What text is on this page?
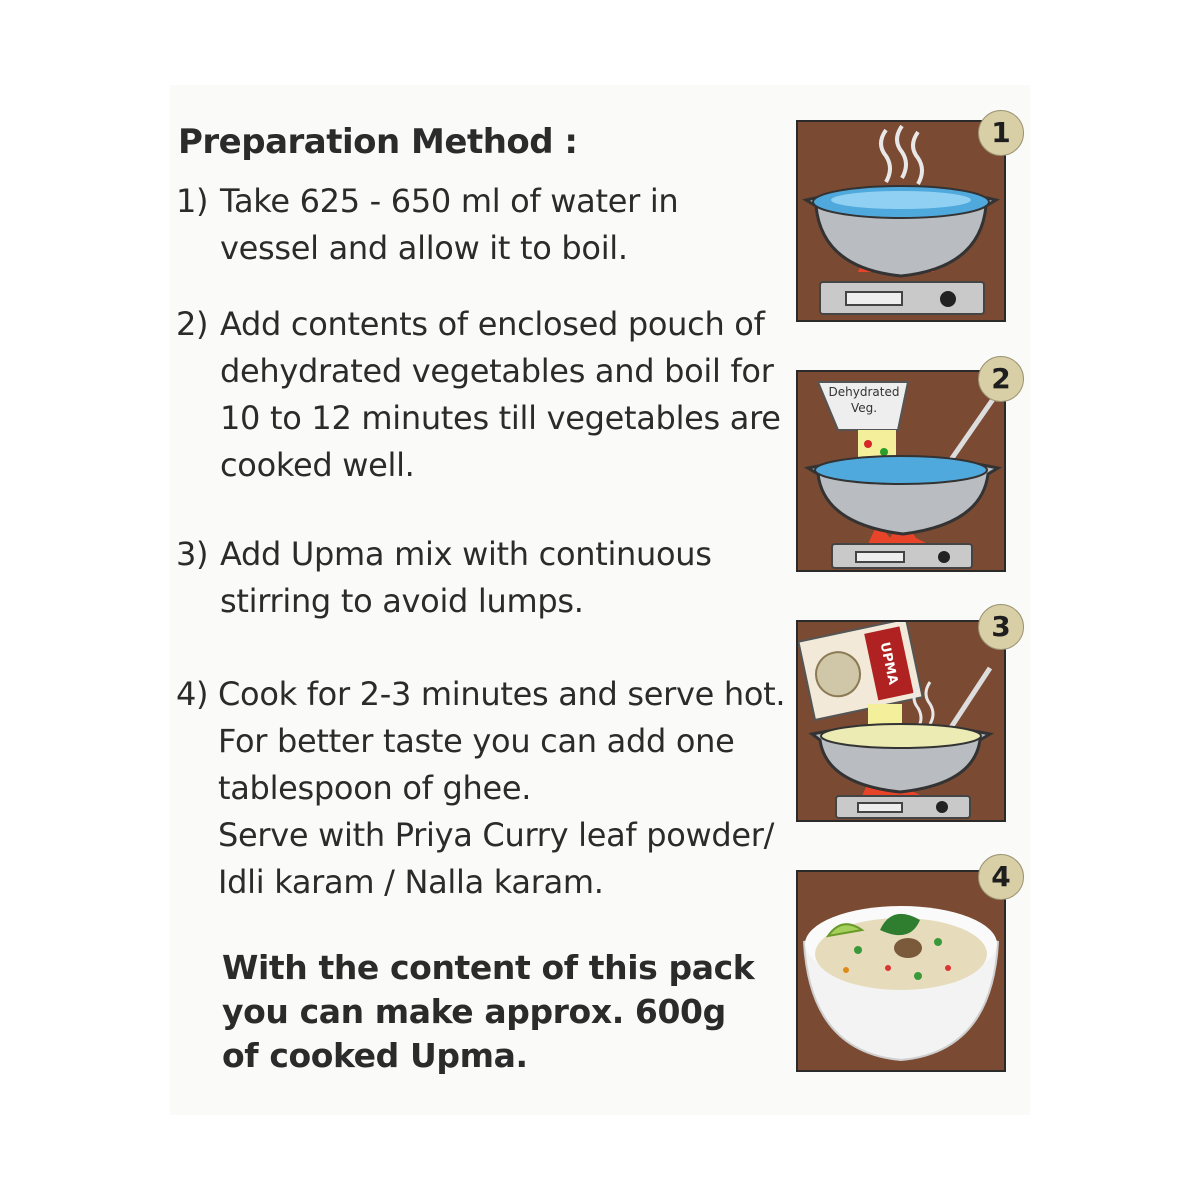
Preparation Method :
1) Take 625 - 650 ml of water in
vessel and allow it to boil.
2) Add contents of enclosed pouch of
dehydrated vegetables and boil for
10 to 12 minutes till vegetables are
cooked well.
3) Add Upma mix with continuous
stirring to avoid lumps.
4) Cook for 2-3 minutes and serve hot.
For better taste you can add one
tablespoon of ghee.
Serve with Priya Curry leaf powder/
Idli karam / Nalla karam.
With the content of this pack
you can make approx. 600g
of cooked Upma.
1
Dehydrated
Veg.
2
UPMA
3
4
